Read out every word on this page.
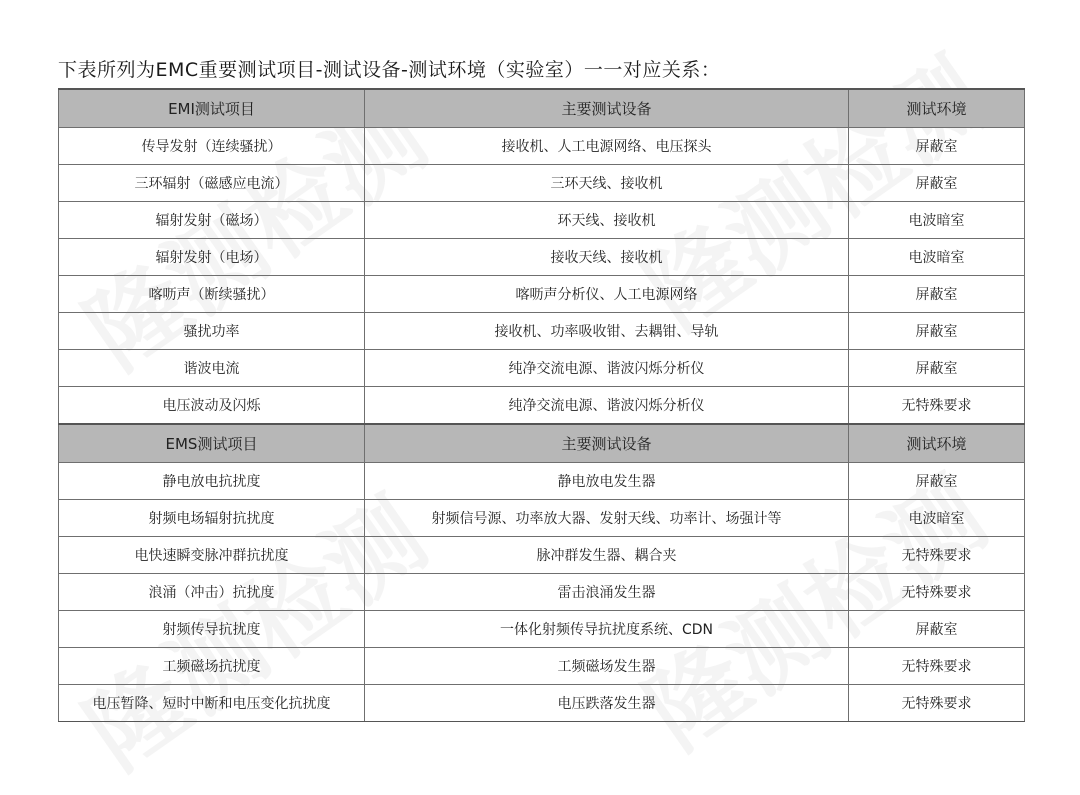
下表所列为EMC重要测试项目-测试设备-测试环境（实验室）一一对应关系：
EMI测试项目	主要测试设备	测试环境
传导发射（连续骚扰）	接收机、人工电源网络、电压探头	屏蔽室
三环辐射（磁感应电流）	三环天线、接收机	屏蔽室
辐射发射（磁场）	环天线、接收机	电波暗室
辐射发射（电场）	接收天线、接收机	电波暗室
喀呖声（断续骚扰）	喀呖声分析仪、人工电源网络	屏蔽室
骚扰功率	接收机、功率吸收钳、去耦钳、导轨	屏蔽室
谐波电流	纯净交流电源、谐波闪烁分析仪	屏蔽室
电压波动及闪烁	纯净交流电源、谐波闪烁分析仪	无特殊要求
EMS测试项目	主要测试设备	测试环境
静电放电抗扰度	静电放电发生器	屏蔽室
射频电场辐射抗扰度	射频信号源、功率放大器、发射天线、功率计、场强计等	电波暗室
电快速瞬变脉冲群抗扰度	脉冲群发生器、耦合夹	无特殊要求
浪涌（冲击）抗扰度	雷击浪涌发生器	无特殊要求
射频传导抗扰度	一体化射频传导抗扰度系统、CDN	屏蔽室
工频磁场抗扰度	工频磁场发生器	无特殊要求
电压暂降、短时中断和电压变化抗扰度	电压跌落发生器	无特殊要求
